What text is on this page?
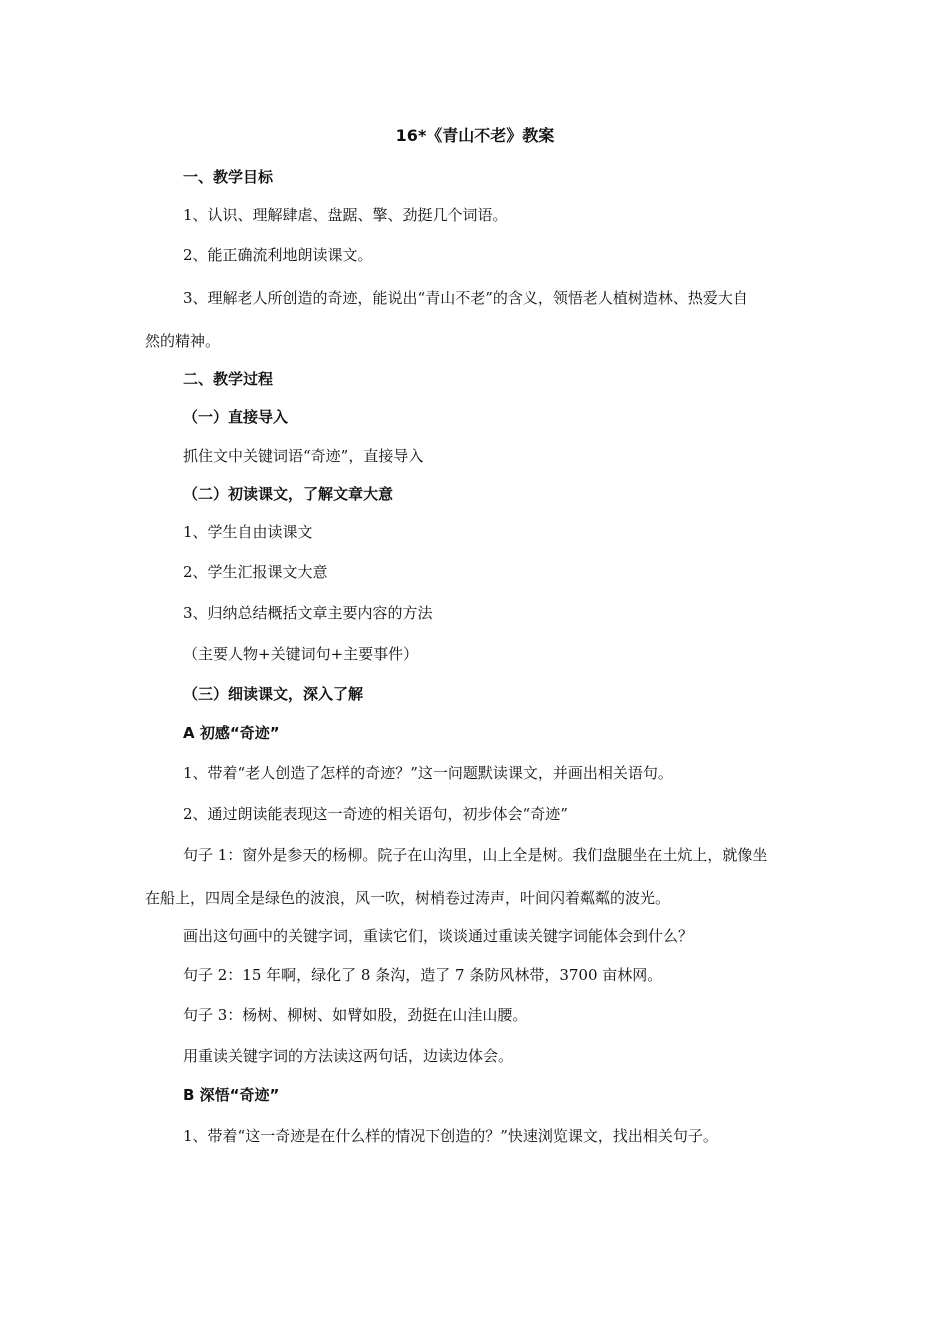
16*《青山不老》教案
一、教学目标
1、认识、理解肆虐、盘踞、擎、劲挺几个词语。
2、能正确流利地朗读课文。
3、理解老人所创造的奇迹，能说出“青山不老”的含义，领悟老人植树造林、热爱大自
然的精神。
二、教学过程
（一）直接导入
抓住文中关键词语“奇迹”，直接导入
（二）初读课文，了解文章大意
1、学生自由读课文
2、学生汇报课文大意
3、归纳总结概括文章主要内容的方法
（主要人物+关键词句+主要事件）
（三）细读课文，深入了解
A 初感“奇迹”
1、带着“老人创造了怎样的奇迹？”这一问题默读课文，并画出相关语句。
2、通过朗读能表现这一奇迹的相关语句，初步体会“奇迹”
句子 1：窗外是参天的杨柳。院子在山沟里，山上全是树。我们盘腿坐在土炕上，就像坐
在船上，四周全是绿色的波浪，风一吹，树梢卷过涛声，叶间闪着粼粼的波光。
画出这句画中的关键字词，重读它们，谈谈通过重读关键字词能体会到什么？
句子 2：15 年啊，绿化了 8 条沟，造了 7 条防风林带，3700 亩林网。
句子 3：杨树、柳树、如臂如股，劲挺在山洼山腰。
用重读关键字词的方法读这两句话，边读边体会。
B 深悟“奇迹”
1、带着“这一奇迹是在什么样的情况下创造的？”快速浏览课文，找出相关句子。
